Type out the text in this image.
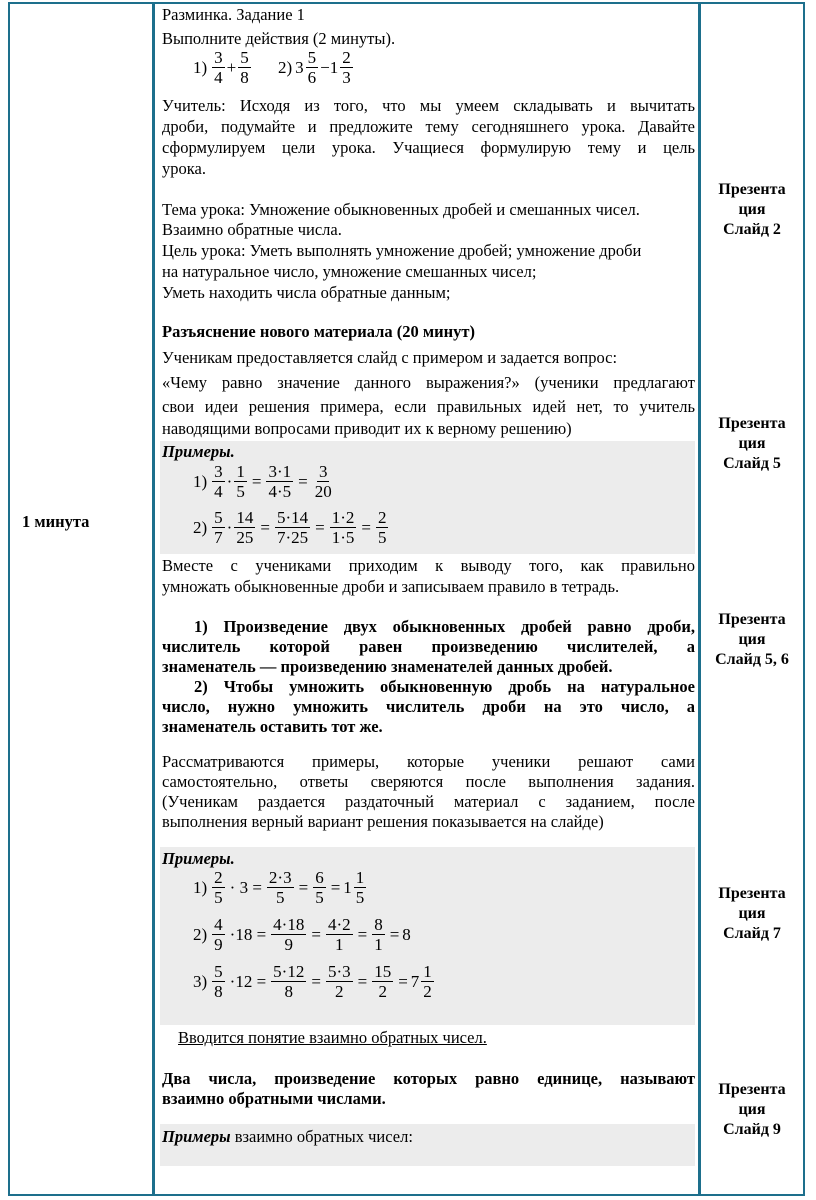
1 минута
Разминка. Задание 1
Выполните действия (2 минуты).
$1) \frac{3}{4} + \frac{5}{8} 2$) $3 \frac{5}{6} - 1 \frac{2}{3}$
Учитель: Исходя из того, что мы умеем складывать и вычитать
дроби, подумайте и предложите тему сегодняшнего урока. Давайте
сформулируем цели урока. Учащиеся формулирую тему и цель
урока.
Тема урока: Умножение обыкновенных дробей и смешанных чисел.
Взаимно обратные числа.
Цель урока: Уметь выполнять умножение дробей; умножение дроби
на натуральное число, умножение смешанных чисел;
Уметь находить числа обратные данным;
Разъяснение нового материала (20 минут)
Ученикам предоставляется слайд с примером и задается вопрос:
«Чему равно значение данного выражения?» (ученики предлагают
свои идеи решения примера, если правильных идей нет, то учитель
наводящими вопросами приводит их к верному решению)
Примеры.
$1) \frac{3}{4} \cdot \frac{1}{5} = \frac{3\cdot 1}{4\cdot 5} = \frac{3}{20}$
$2) \frac{5}{7} \cdot \frac{14}{25} = \frac{5\cdot 14}{7\cdot 25} = \frac{1\cdot 2}{1\cdot 5} = \frac{2}{5}$
Вместе с учениками приходим к выводу того, как правильно
умножать обыкновенные дроби и записываем правило в тетрадь.
1) Произведение двух обыкновенных дробей равно дроби,
числитель которой равен произведению числителей, а
знаменатель — произведению знаменателей данных дробей.
2) Чтобы умножить обыкновенную дробь на натуральное
число, нужно умножить числитель дроби на это число, а
знаменатель оставить тот же.
Рассматриваются примеры, которые ученики решают сами
самостоятельно, ответы сверяются после выполнения задания.
(Ученикам раздается раздаточный материал с заданием, после
выполнения верный вариант решения показывается на слайде)
Примеры.
$1) \frac{2}{5} \cdot 3 = \frac{2\cdot 3}{5} = \frac{6}{5} = 1 \frac{1}{5}$
$2) \frac{4}{9} \cdot 18 = \frac{4\cdot 18}{9} = \frac{4\cdot 2}{1} = \frac{8}{1} = 8$
$3) \frac{5}{8} \cdot 12 = \frac{5\cdot 12}{8} = \frac{5\cdot 3}{2} = \frac{15}{2} = 7 \frac{1}{2}$
Вводится понятие взаимно обратных чисел.
Два числа, произведение которых равно единице, называют
взаимно обратными числами.
Примеры взаимно обратных чисел:
Презента
ция
Слайд 2
Презента
ция
Слайд 5
Презента
ция
Слайд 5, 6
Презента
ция
Слайд 7
Презента
ция
Слайд 9
